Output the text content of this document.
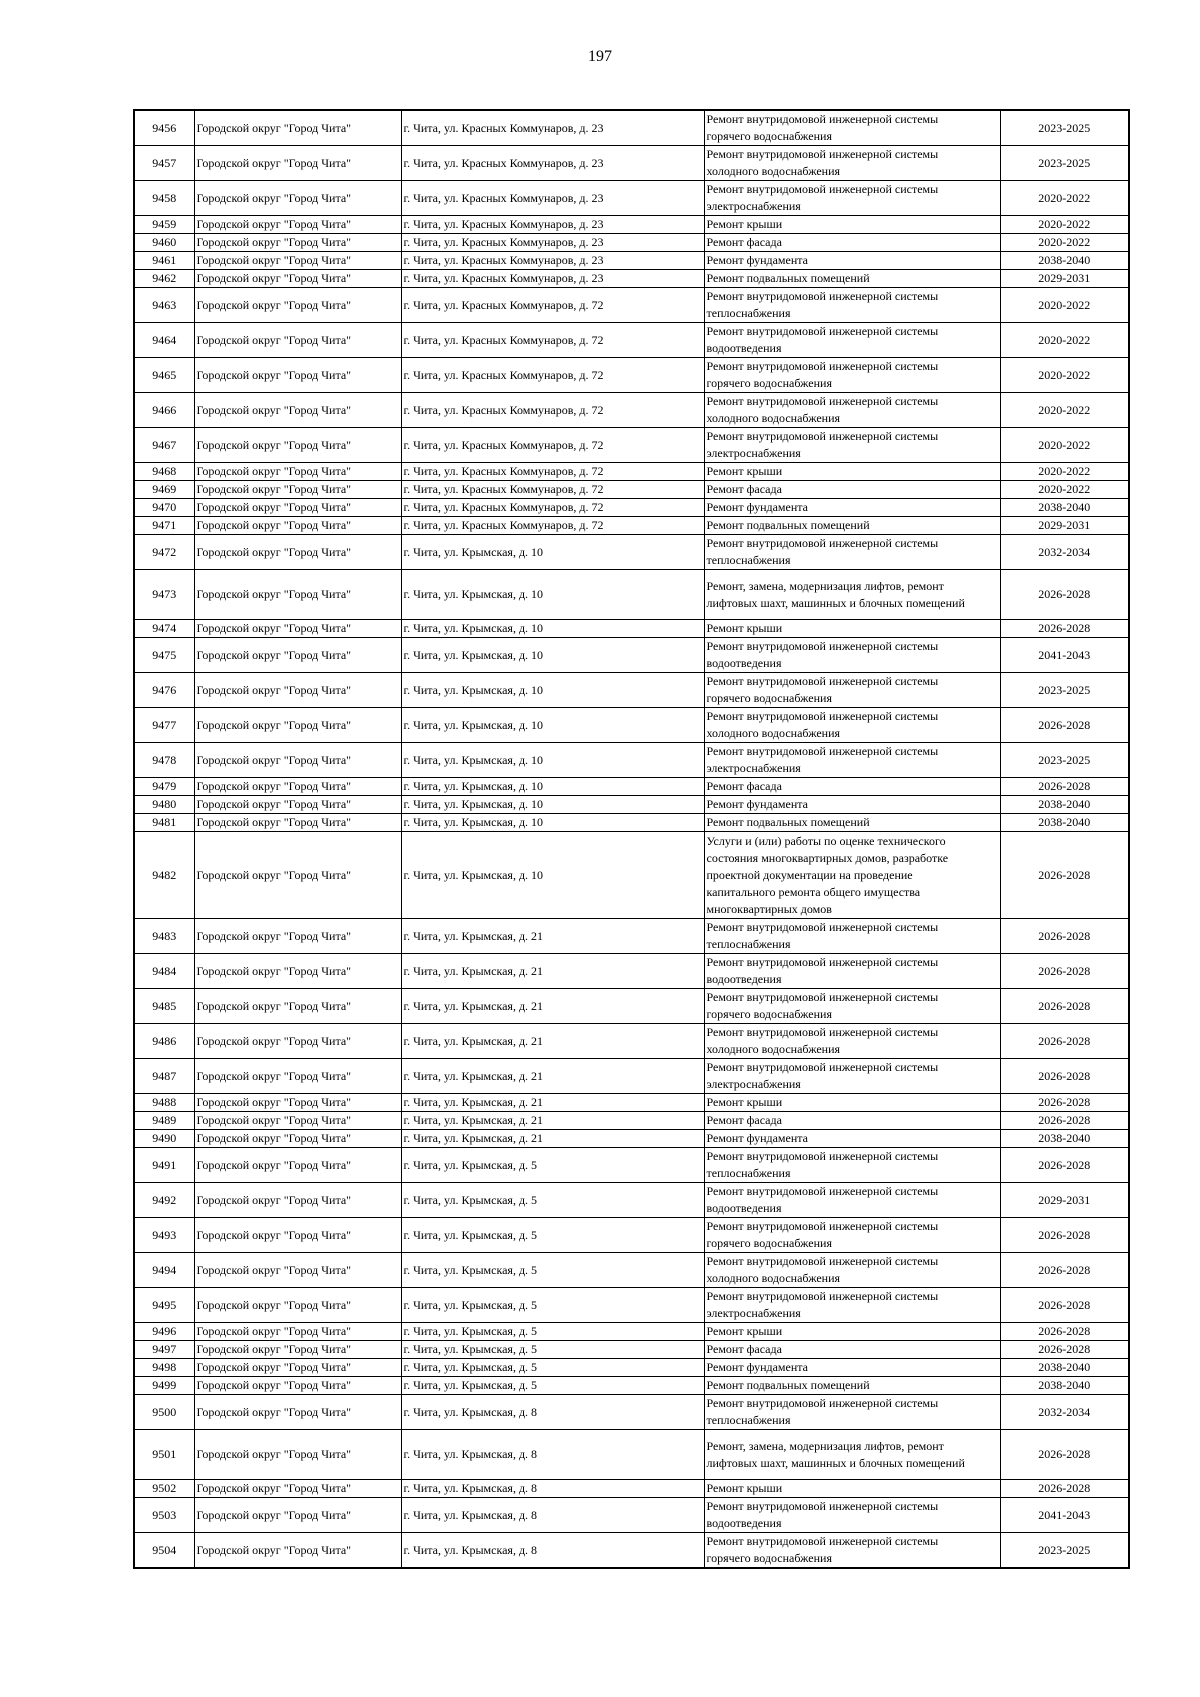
197
9456	Городской округ "Город Чита"	г. Чита, ул. Красных Коммунаров, д. 23	Ремонт внутридомовой инженерной системы
горячего водоснабжения	2023-2025
9457	Городской округ "Город Чита"	г. Чита, ул. Красных Коммунаров, д. 23	Ремонт внутридомовой инженерной системы
холодного водоснабжения	2023-2025
9458	Городской округ "Город Чита"	г. Чита, ул. Красных Коммунаров, д. 23	Ремонт внутридомовой инженерной системы
электроснабжения	2020-2022
9459	Городской округ "Город Чита"	г. Чита, ул. Красных Коммунаров, д. 23	Ремонт крыши	2020-2022
9460	Городской округ "Город Чита"	г. Чита, ул. Красных Коммунаров, д. 23	Ремонт фасада	2020-2022
9461	Городской округ "Город Чита"	г. Чита, ул. Красных Коммунаров, д. 23	Ремонт фундамента	2038-2040
9462	Городской округ "Город Чита"	г. Чита, ул. Красных Коммунаров, д. 23	Ремонт подвальных помещений	2029-2031
9463	Городской округ "Город Чита"	г. Чита, ул. Красных Коммунаров, д. 72	Ремонт внутридомовой инженерной системы
теплоснабжения	2020-2022
9464	Городской округ "Город Чита"	г. Чита, ул. Красных Коммунаров, д. 72	Ремонт внутридомовой инженерной системы
водоотведения	2020-2022
9465	Городской округ "Город Чита"	г. Чита, ул. Красных Коммунаров, д. 72	Ремонт внутридомовой инженерной системы
горячего водоснабжения	2020-2022
9466	Городской округ "Город Чита"	г. Чита, ул. Красных Коммунаров, д. 72	Ремонт внутридомовой инженерной системы
холодного водоснабжения	2020-2022
9467	Городской округ "Город Чита"	г. Чита, ул. Красных Коммунаров, д. 72	Ремонт внутридомовой инженерной системы
электроснабжения	2020-2022
9468	Городской округ "Город Чита"	г. Чита, ул. Красных Коммунаров, д. 72	Ремонт крыши	2020-2022
9469	Городской округ "Город Чита"	г. Чита, ул. Красных Коммунаров, д. 72	Ремонт фасада	2020-2022
9470	Городской округ "Город Чита"	г. Чита, ул. Красных Коммунаров, д. 72	Ремонт фундамента	2038-2040
9471	Городской округ "Город Чита"	г. Чита, ул. Красных Коммунаров, д. 72	Ремонт подвальных помещений	2029-2031
9472	Городской округ "Город Чита"	г. Чита, ул. Крымская, д. 10	Ремонт внутридомовой инженерной системы
теплоснабжения	2032-2034
9473	Городской округ "Город Чита"	г. Чита, ул. Крымская, д. 10	Ремонт, замена, модернизация лифтов, ремонт
лифтовых шахт, машинных и блочных помещений	2026-2028
9474	Городской округ "Город Чита"	г. Чита, ул. Крымская, д. 10	Ремонт крыши	2026-2028
9475	Городской округ "Город Чита"	г. Чита, ул. Крымская, д. 10	Ремонт внутридомовой инженерной системы
водоотведения	2041-2043
9476	Городской округ "Город Чита"	г. Чита, ул. Крымская, д. 10	Ремонт внутридомовой инженерной системы
горячего водоснабжения	2023-2025
9477	Городской округ "Город Чита"	г. Чита, ул. Крымская, д. 10	Ремонт внутридомовой инженерной системы
холодного водоснабжения	2026-2028
9478	Городской округ "Город Чита"	г. Чита, ул. Крымская, д. 10	Ремонт внутридомовой инженерной системы
электроснабжения	2023-2025
9479	Городской округ "Город Чита"	г. Чита, ул. Крымская, д. 10	Ремонт фасада	2026-2028
9480	Городской округ "Город Чита"	г. Чита, ул. Крымская, д. 10	Ремонт фундамента	2038-2040
9481	Городской округ "Город Чита"	г. Чита, ул. Крымская, д. 10	Ремонт подвальных помещений	2038-2040
9482	Городской округ "Город Чита"	г. Чита, ул. Крымская, д. 10	Услуги и (или) работы по оценке технического
состояния многоквартирных домов, разработке
проектной документации на проведение
капитального ремонта общего имущества
многоквартирных домов	2026-2028
9483	Городской округ "Город Чита"	г. Чита, ул. Крымская, д. 21	Ремонт внутридомовой инженерной системы
теплоснабжения	2026-2028
9484	Городской округ "Город Чита"	г. Чита, ул. Крымская, д. 21	Ремонт внутридомовой инженерной системы
водоотведения	2026-2028
9485	Городской округ "Город Чита"	г. Чита, ул. Крымская, д. 21	Ремонт внутридомовой инженерной системы
горячего водоснабжения	2026-2028
9486	Городской округ "Город Чита"	г. Чита, ул. Крымская, д. 21	Ремонт внутридомовой инженерной системы
холодного водоснабжения	2026-2028
9487	Городской округ "Город Чита"	г. Чита, ул. Крымская, д. 21	Ремонт внутридомовой инженерной системы
электроснабжения	2026-2028
9488	Городской округ "Город Чита"	г. Чита, ул. Крымская, д. 21	Ремонт крыши	2026-2028
9489	Городской округ "Город Чита"	г. Чита, ул. Крымская, д. 21	Ремонт фасада	2026-2028
9490	Городской округ "Город Чита"	г. Чита, ул. Крымская, д. 21	Ремонт фундамента	2038-2040
9491	Городской округ "Город Чита"	г. Чита, ул. Крымская, д. 5	Ремонт внутридомовой инженерной системы
теплоснабжения	2026-2028
9492	Городской округ "Город Чита"	г. Чита, ул. Крымская, д. 5	Ремонт внутридомовой инженерной системы
водоотведения	2029-2031
9493	Городской округ "Город Чита"	г. Чита, ул. Крымская, д. 5	Ремонт внутридомовой инженерной системы
горячего водоснабжения	2026-2028
9494	Городской округ "Город Чита"	г. Чита, ул. Крымская, д. 5	Ремонт внутридомовой инженерной системы
холодного водоснабжения	2026-2028
9495	Городской округ "Город Чита"	г. Чита, ул. Крымская, д. 5	Ремонт внутридомовой инженерной системы
электроснабжения	2026-2028
9496	Городской округ "Город Чита"	г. Чита, ул. Крымская, д. 5	Ремонт крыши	2026-2028
9497	Городской округ "Город Чита"	г. Чита, ул. Крымская, д. 5	Ремонт фасада	2026-2028
9498	Городской округ "Город Чита"	г. Чита, ул. Крымская, д. 5	Ремонт фундамента	2038-2040
9499	Городской округ "Город Чита"	г. Чита, ул. Крымская, д. 5	Ремонт подвальных помещений	2038-2040
9500	Городской округ "Город Чита"	г. Чита, ул. Крымская, д. 8	Ремонт внутридомовой инженерной системы
теплоснабжения	2032-2034
9501	Городской округ "Город Чита"	г. Чита, ул. Крымская, д. 8	Ремонт, замена, модернизация лифтов, ремонт
лифтовых шахт, машинных и блочных помещений	2026-2028
9502	Городской округ "Город Чита"	г. Чита, ул. Крымская, д. 8	Ремонт крыши	2026-2028
9503	Городской округ "Город Чита"	г. Чита, ул. Крымская, д. 8	Ремонт внутридомовой инженерной системы
водоотведения	2041-2043
9504	Городской округ "Город Чита"	г. Чита, ул. Крымская, д. 8	Ремонт внутридомовой инженерной системы
горячего водоснабжения	2023-2025
